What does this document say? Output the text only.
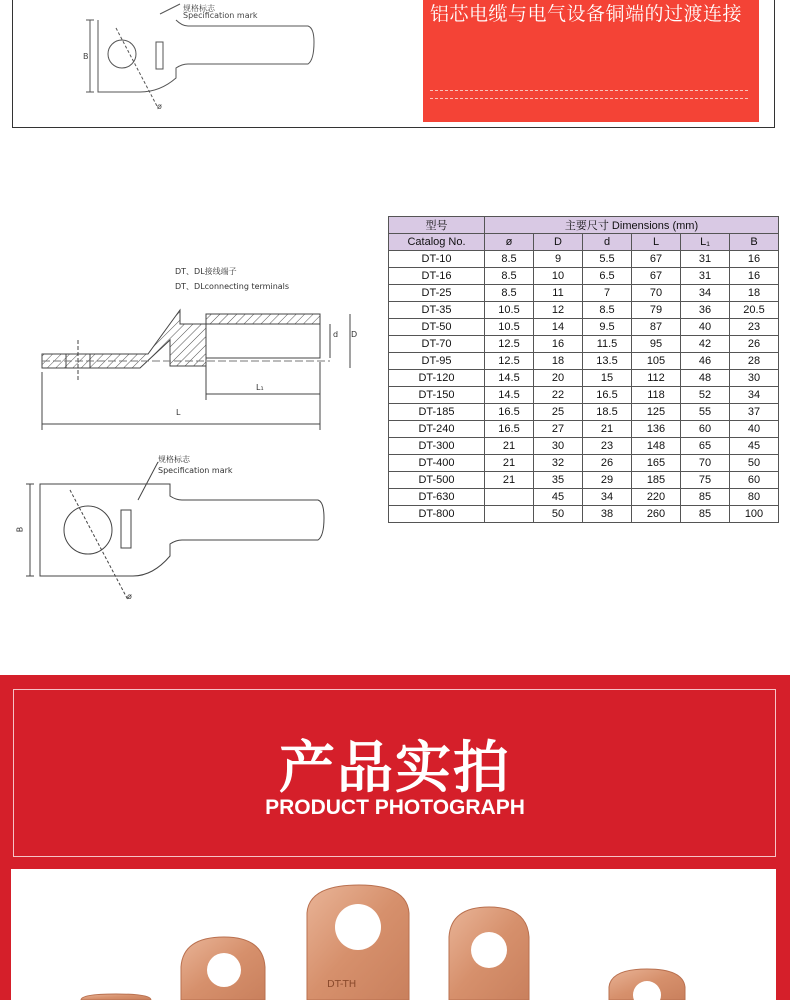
规格标志
Specification mark
B
ø
铝芯电缆与电气设备铜端的过渡连接
DT、DL接线端子
DT、DLconnecting terminals
d D
L₁
L
规格标志
Specification mark
B
ø
型号	主要尺寸 Dimensions (mm)					
Catalog No.	ø	D	d	L	L₁	B
DT-10	8.5	9	5.5	67	31	16
DT-16	8.5	10	6.5	67	31	16
DT-25	8.5	11	7	70	34	18
DT-35	10.5	12	8.5	79	36	20.5
DT-50	10.5	14	9.5	87	40	23
DT-70	12.5	16	11.5	95	42	26
DT-95	12.5	18	13.5	105	46	28
DT-120	14.5	20	15	112	48	30
DT-150	14.5	22	16.5	118	52	34
DT-185	16.5	25	18.5	125	55	37
DT-240	16.5	27	21	136	60	40
DT-300	21	30	23	148	65	45
DT-400	21	32	26	165	70	50
DT-500	21	35	29	185	75	60
DT-630		45	34	220	85	80
DT-800		50	38	260	85	100
产品实拍
PRODUCT PHOTOGRAPH
DT-TH
